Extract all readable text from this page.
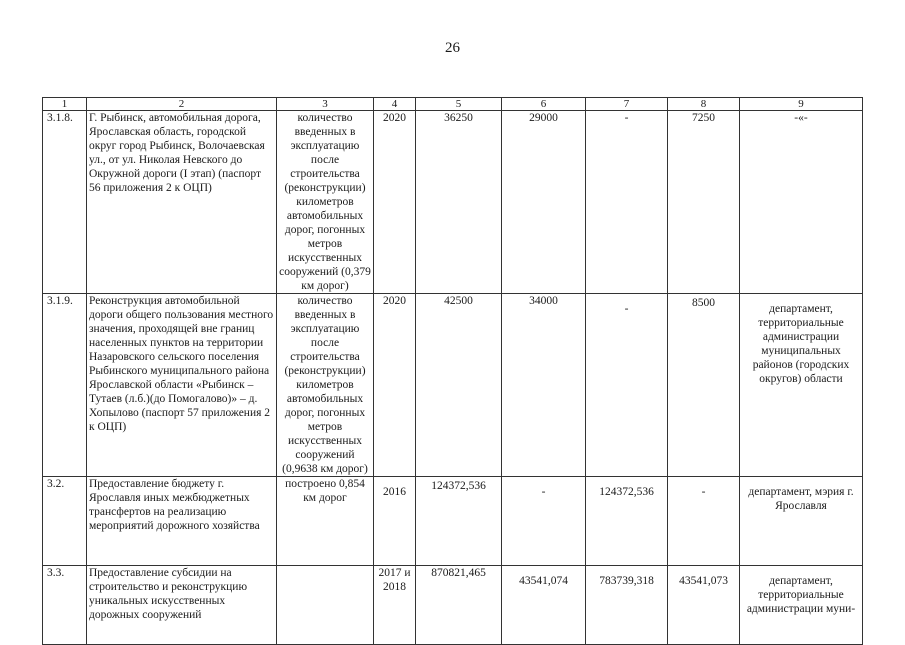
26
1	2	3	4	5	6	7	8	9
3.1.8.	Г. Рыбинск, автомобильная дорога, Ярославская область, городской округ город Рыбинск, Волочаевская ул., от ул. Николая Невского до Окружной дороги (I этап) (паспорт 56 приложения 2 к ОЦП)	количество введенных в эксплуатацию после строительства (реконструкции) километров автомобильных дорог, погонных метров искусственных сооружений (0,379 км дорог)	2020	36250	29000	-	7250	-«-
3.1.9.	Реконструкция автомобильной дороги общего пользования местного значения, проходящей вне границ населенных пунктов на территории Назаровского сельского поселения Рыбинского муниципального района Ярославской области «Рыбинск – Тутаев (л.б.)(до Помогалово)» – д. Хопылово (паспорт 57 приложения 2 к ОЦП)	количество введенных в эксплуатацию после строительства (реконструкции) километров автомобильных дорог, погонных метров искусственных сооружений (0,9638 км дорог)	2020	42500	34000	-	8500	департамент, территориальные администрации муниципальных районов (городских округов) области
3.2.	Предоставление бюджету г. Ярославля иных межбюджетных трансфертов на реализацию мероприятий дорожного хозяйства	построено 0,854 км дорог	2016	124372,536	-	124372,536	-	департамент, мэрия г. Ярославля
3.3.	Предоставление субсидии на строительство и реконструкцию уникальных искусственных дорожных сооружений		2017 и 2018	870821,465	43541,074	783739,318	43541,073	департамент, территориальные администрации муни-
